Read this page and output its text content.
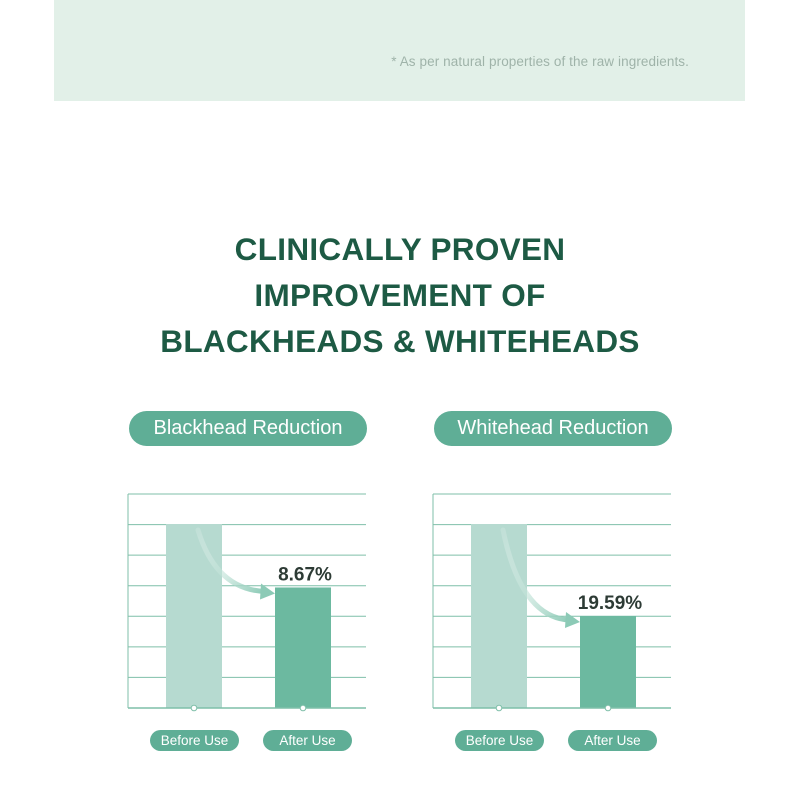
* As per natural properties of the raw ingredients.
CLINICALLY PROVEN
IMPROVEMENT OF
BLACKHEADS & WHITEHEADS
Blackhead Reduction	Whitehead Reduction
8.67%
19.59%
Before Use	After Use	Before Use	After Use
